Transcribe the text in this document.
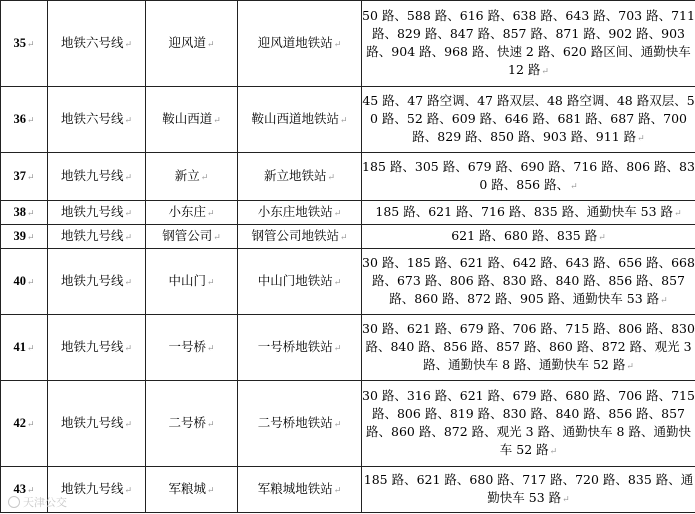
35↵	地铁六号线↵	迎风道↵	迎风道地铁站↵	50 路、588 路、616 路、638 路、643 路、703 路、711 路、829 路、847 路、857 路、871 路、902 路、903 路、904 路、968 路、快速 2 路、620 路区间、通勤快车 12 路↵
36↵	地铁六号线↵	鞍山西道↵	鞍山西道地铁站↵	45 路、47 路空调、47 路双层、48 路空调、48 路双层、50 路、52 路、609 路、646 路、681 路、687 路、700 路、829 路、850 路、903 路、911 路↵
37↵	地铁九号线↵	新立↵	新立地铁站↵	185 路、305 路、679 路、690 路、716 路、806 路、830 路、856 路、↵
38↵	地铁九号线↵	小东庄↵	小东庄地铁站↵	185 路、621 路、716 路、835 路、通勤快车 53 路↵
39↵	地铁九号线↵	钢管公司↵	钢管公司地铁站↵	621 路、680 路、835 路↵
40↵	地铁九号线↵	中山门↵	中山门地铁站↵	30 路、185 路、621 路、642 路、643 路、656 路、668 路、673 路、806 路、830 路、840 路、856 路、857 路、860 路、872 路、905 路、通勤快车 53 路↵
41↵	地铁九号线↵	一号桥↵	一号桥地铁站↵	30 路、621 路、679 路、706 路、715 路、806 路、830 路、840 路、856 路、857 路、860 路、872 路、观光 3 路、通勤快车 8 路、通勤快车 52 路↵
42↵	地铁九号线↵	二号桥↵	二号桥地铁站↵	30 路、316 路、621 路、679 路、680 路、706 路、715 路、806 路、819 路、830 路、840 路、856 路、857 路、860 路、872 路、观光 3 路、通勤快车 8 路、通勤快车 52 路↵
43↵	地铁九号线↵	军粮城↵	军粮城地铁站↵	185 路、621 路、680 路、717 路、720 路、835 路、通勤快车 53 路↵
天津公交
